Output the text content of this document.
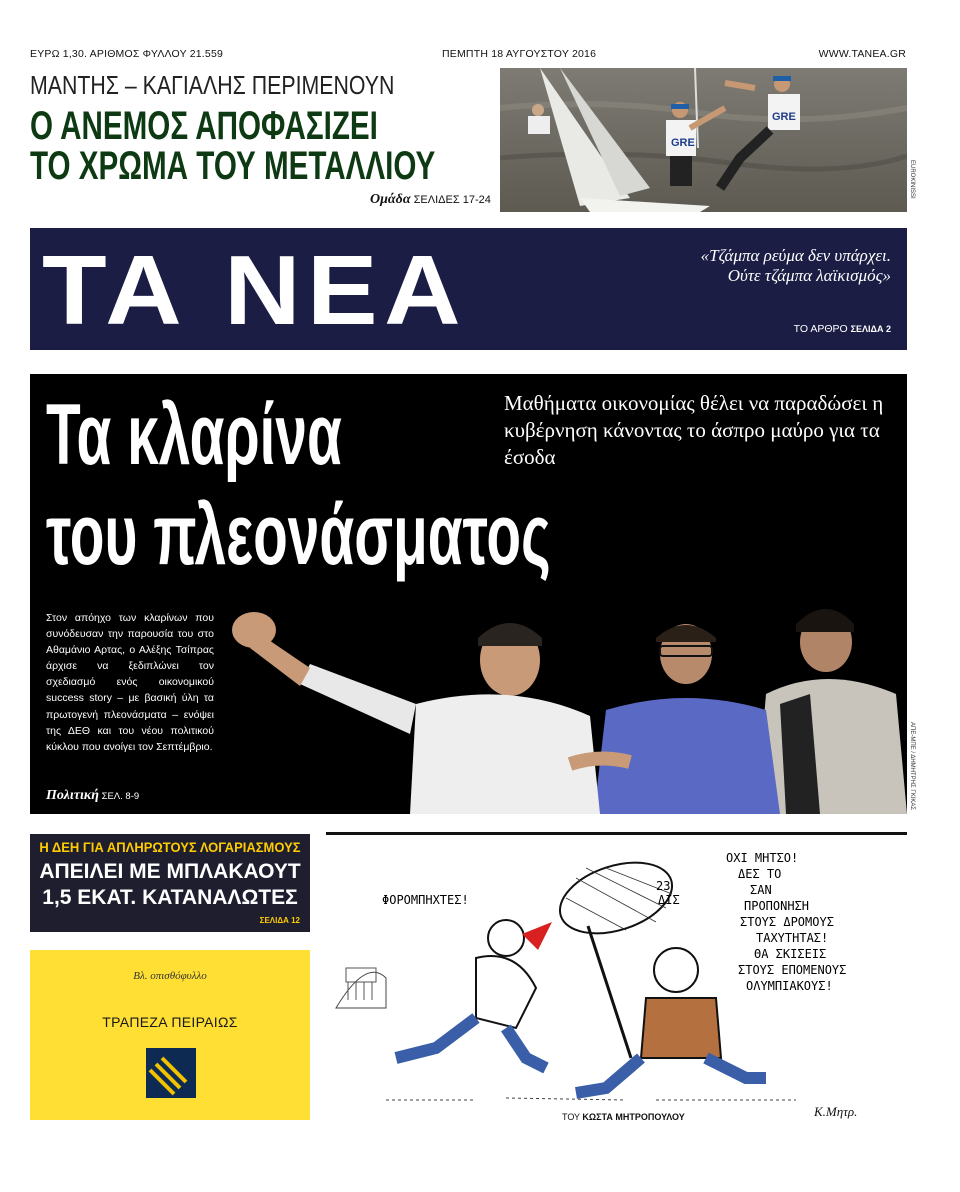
ΕΥΡΩ 1,30. ΑΡΙΘΜΟΣ ΦΥΛΛΟΥ 21.559	ΠΕΜΠΤΗ 18 ΑΥΓΟΥΣΤΟΥ 2016	WWW.TANEA.GR
ΜΑΝΤΗΣ – ΚΑΓΙΑΛΗΣ ΠΕΡΙΜΕΝΟΥΝ
Ο ΑΝΕΜΟΣ ΑΠΟΦΑΣΙΖΕΙ
ΤΟ ΧΡΩΜΑ ΤΟΥ ΜΕΤΑΛΛΙΟΥ
Ομάδα ΣΕΛΙΔΕΣ 17-24
GRE
GRE
EUROKINISSI
ΤΑ ΝΕΑ	«Τζάμπα ρεύμα δεν υπάρχει. Ούτε τζάμπα λαϊκισμός»
ΤΟ ΑΡΘΡΟ ΣΕΛΙΔΑ 2
Τα κλαρίνα
του πλεονάσματος
Μαθήματα οικονομίας θέλει να παραδώσει η κυβέρνηση κάνοντας το άσπρο μαύρο για τα έσοδα
Στον απόηχο των κλαρίνων που συνόδευσαν την παρουσία του στο Αθαμάνιο Αρτας, ο Αλέξης Τσίπρας άρχισε να ξεδιπλώνει τον σχεδιασμό ενός οικονομικού success story – με βασική ύλη τα πρωτογενή πλεονάσματα – ενόψει της ΔΕΘ και του νέου πολιτικού κύκλου που ανοίγει τον Σεπτέμβριο.
Πολιτική ΣΕΛ. 8-9	ΑΠΕ-ΜΠΕ / ΔΗΜΗΤΡΗΣ ΓΚΙΚΑΣ
Η ΔΕΗ ΓΙΑ ΑΠΛΗΡΩΤΟΥΣ ΛΟΓΑΡΙΑΣΜΟΥΣ
ΑΠΕΙΛΕΙ ΜΕ ΜΠΛΑΚΑΟΥΤ
1,5 ΕΚΑΤ. ΚΑΤΑΝΑΛΩΤΕΣ
ΣΕΛΙΔΑ 12
Βλ. οπισθόφυλλο
ΤΡΑΠΕΖΑ ΠΕΙΡΑΙΩΣ
ΦΟΡΟΜΠΗΧΤΕΣ!
23
ΔΙΣ
ΟΧΙ ΜΗΤΣΟ!
ΔΕΣ ΤΟ
ΣΑΝ
ΠΡΟΠΟΝΗΣΗ
ΣΤΟΥΣ ΔΡΟΜΟΥΣ
ΤΑΧΥΤΗΤΑΣ!
ΘΑ ΣΚΙΣΕΙΣ
ΣΤΟΥΣ ΕΠΟΜΕΝΟΥΣ
ΟΛΥΜΠΙΑΚΟΥΣ!
Κ.Μητρ.
ΤΟΥ ΚΩΣΤΑ ΜΗΤΡΟΠΟΥΛΟΥ
